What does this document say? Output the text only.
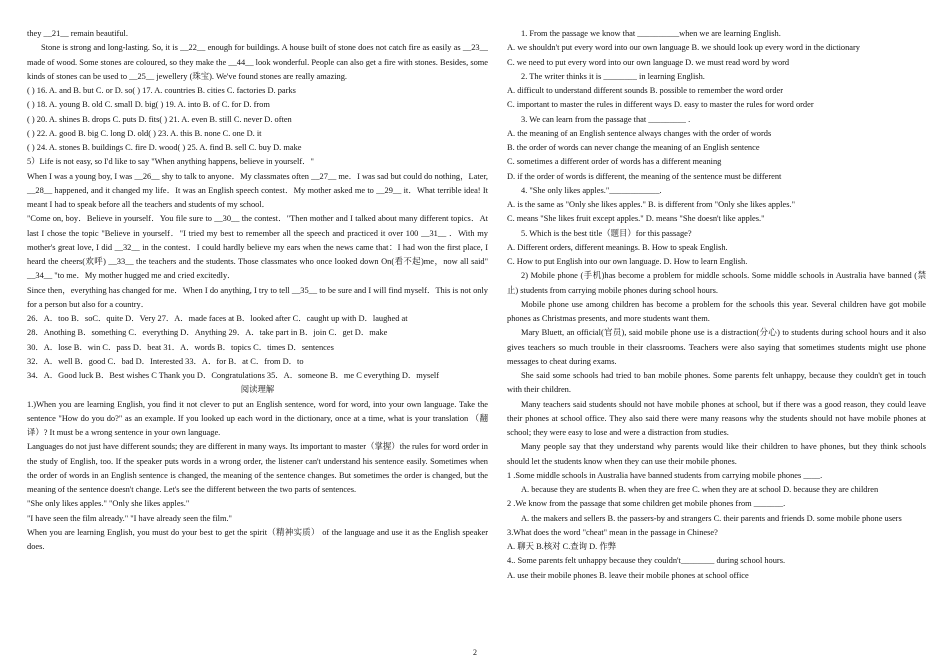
they __21__ remain beautiful.

Stone is strong and long-lasting. So, it is __22__ enough for buildings. A house built of stone does not catch fire as easily as __23__ made of wood. Some stones are coloured, so they make the __44__ look wonderful. People can also get a fire with stones. Besides, some kinds of stones can be used to __25__ jewellery (珠宝). We've found stones are really amazing.

( ) 16. A. and B. but C. or D. so( ) 17. A. countries B. cities C. factories D. parks

( ) 18. A. young B. old C. small D. big( ) 19. A. into B. of C. for D. from

( ) 20. A. shines B. drops C. puts D. fits( ) 21. A. even B. still C. never D. often

( ) 22. A. good B. big C. long D. old( ) 23. A. this B. none C. one D. it

( ) 24. A. stones B. buildings C. fire D. wood( ) 25. A. find B. sell C. buy D. make

5）Life is not easy, so I'd like to say "When anything happens, believe in yourself．"

When I was a young boy, I was __26__ shy to talk to anyone．My classmates often __27__ me．I was sad but could do nothing，Later, __28__ happened, and it changed my life．It was an English speech contest．My mother asked me to __29__ it．What terrible idea! It meant I had to speak before all the teachers and students of my school．

"Come on, boy．Believe in yourself．You file sure to __30__ the contest．"Then mother and I talked about many different topics．At last I chose the topic "Believe in yourself．"I tried my best to remember all the speech and practiced it over 100 __31__ ．With my mother's great love, I did __32__ in the contest．I could hardly believe my ears when the news came that：I had won the first place, I heard the cheers(欢呼) __33__ the teachers and the students. Those classmates who once looked down On(看不起)me，now all said" __34__ "to me．My mother hugged me and cried excitedly．

Since then，everything has changed for me．When I do anything, I try to tell __35__ to be sure and I will find myself．This is not only for a person but also for a country．

26．A．too B．soC．quite D．Very 27．A．made faces at B．looked after C．caught up with D．laughed at

28．Anothing B．something C．everything D．Anything 29．A．take part in B．join C．get D．make

30．A．lose B．win C．pass D．beat 31．A．words B．topics C．times D．sentences

32．A．well B．good C．bad D．Interested 33．A．for B．at C．from D．to

34．A．Good luck B．Best wishes C Thank you D．Congratulations 35．A．someone B．me C everything D．myself

阅读理解

1.)When you are learning English, you find it not clever to put an English sentence, word for word, into your own language. Take the sentence "How do you do?" as an example. If you looked up each word in the dictionary, once at a time, what is your translation （翻译）? It must be a wrong sentence in your own language.

Languages do not just have different sounds; they are different in many ways. Its important to master（掌握）the rules for word order in the study of English, too. If the speaker puts words in a wrong order, the listener can't understand his sentence easily. Sometimes when the order of words in an English sentence is changed, the meaning of the sentence changes. But sometimes the order is changed, but the meaning of the sentence doesn't change. Let's see the different between the two parts of sentences.

"She only likes apples." "Only she likes apples."

"I have seen the film already." "I have already seen the film."

When you are learning English, you must do your best to get the spirit（精神实质） of the language and use it as the English speaker does.

1. From the passage we know that __________when we are learning English.

A. we shouldn't put every word into our own language B. we should look up every word in the dictionary

C. we need to put every word into our own language D. we must read word by word

2. The writer thinks it is ________ in learning English.

A. difficult to understand different sounds B. possible to remember the word order

C. important to master the rules in different ways D. easy to master the rules for word order

3. We can learn from the passage that _________ .

A. the meaning of an English sentence always changes with the order of words

B. the order of words can never change the meaning of an English sentence

C. sometimes a different order of words has a different meaning

D. if the order of words is different, the meaning of the sentence must be different

4. "She only likes apples."____________.

A. is the same as "Only she likes apples." B. is different from "Only she likes apples."

C. means "She likes fruit except apples." D. means "She doesn't like apples."

5. Which is the best title（题目）for this passage?

A. Different orders, different meanings. B. How to speak English.

C. How to put English into our own language. D. How to learn English.

2) Mobile phone (手机)has become a problem for middle schools. Some middle schools in Australia have banned (禁止) students from carrying mobile phones during school hours.

Mobile phone use among children has become a problem for the schools this year. Several children have got mobile phones as Christmas presents, and more students want them.

Mary Bluett, an official(官员), said mobile phone use is a distraction(分心) to students during school hours and it also gives teachers so much trouble in their classrooms. Teachers were also saying that sometimes students might use phone messages to cheat during exams.

She said some schools had tried to ban mobile phones. Some parents felt unhappy, because they couldn't get in touch with their children.

Many teachers said students should not have mobile phones at school, but if there was a good reason, they could leave their phones at school office. They also said there were many reasons why the students should not have mobile phones at school; they were easy to lose and were a distraction from studies.

Many people say that they understand why parents would like their children to have phones, but they think schools should let the students know when they can use their mobile phones.

1 .Some middle schools in Australia have banned students from carrying mobile phones ____.

A. because they are students B. when they are free C. when they are at school D. because they are children

2 .We know from the passage that some children get mobile phones from _______.

A. the makers and sellers B. the passers-by and strangers C. their parents and friends D. some mobile phone users

3.What does the word "cheat" mean in the passage in Chinese?

A. 聊天 B.核对 C.查询 D. 作弊

4.. Some parents felt unhappy because they couldn't________ during school hours.

A. use their mobile phones B. leave their mobile phones at school office

2
